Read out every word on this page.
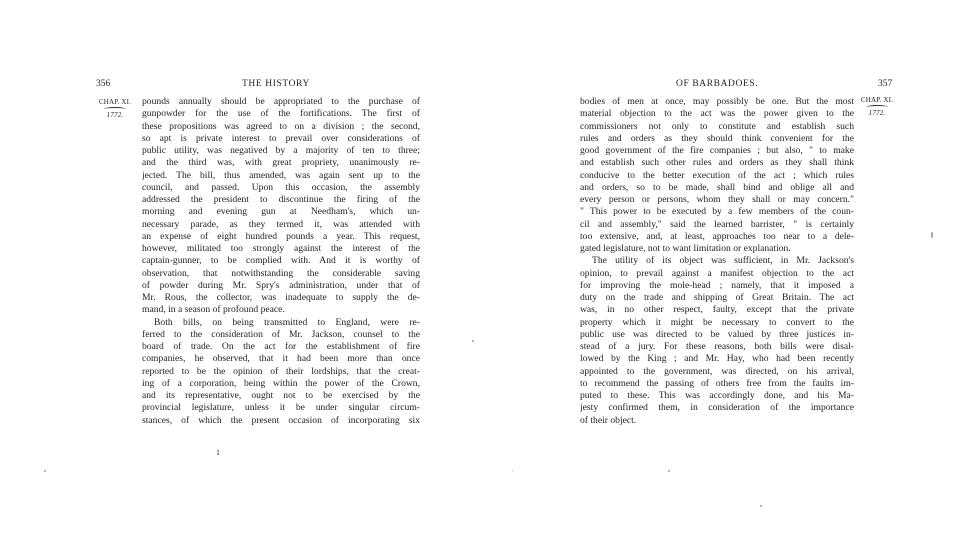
356	THE HISTORY
CHAP. XI.
1772.
pounds annually should be appropriated to the purchase of
gunpowder for the use of the fortifications. The first of
these propositions was agreed to on a division ; the second,
so apt is private interest to prevail over considerations of
public utility, was negatived by a majority of ten to three;
and the third was, with great propriety, unanimously re-
jected. The bill, thus amended, was again sent up to the
council, and passed. Upon this occasion, the assembly
addressed the president to discontinue the firing of the
morning and evening gun at Needham's, which un-
necessary parade, as they termed it, was attended with
an expense of eight hundred pounds a year. This request,
however, militated too strongly against the interest of the
captain-gunner, to be complied with. And it is worthy of
observation, that notwithstanding the considerable saving
of powder during Mr. Spry's administration, under that of
Mr. Rous, the collector, was inadequate to supply the de-
mand, in a season of profound peace.
Both bills, on being transmitted to England, were re-
ferred to the consideration of Mr. Jackson, counsel to the
board of trade. On the act for the establishment of fire
companies, he observed, that it had been more than once
reported to be the opinion of their lordships, that the creat-
ing of a corporation, being within the power of the Crown,
and its representative, ought not to be exercised by the
provincial legislature, unless it be under singular circum-
stances, of which the present occasion of incorporating six
1
OF BARBADOES.	357
CHAP. XI.
1772.
bodies of men at once, may possibly be one. But the most
material objection to the act was the power given to the
commissioners not only to constitute and establish such
rules and orders as they should think convenient for the
good government of the fire companies ; but also, " to make
and establish such other rules and orders as they shall think
conducive to the better execution of the act ; which rules
and orders, so to be made, shall bind and oblige all and
every person or persons, whom they shall or may concern."
" This power to be executed by a few members of the coun-
cil and assembly," said the learned barrister, " is certainly
too extensive, and, at least, approaches too near to a dele-
gated legislature, not to want limitation or explanation.
The utility of its object was sufficient, in Mr. Jackson's
opinion, to prevail against a manifest objection to the act
for improving the mole-head ; namely, that it imposed a
duty on the trade and shipping of Great Britain. The act
was, in no other respect, faulty, except that the private
property which it might be necessary to convert to the
public use was directed to be valued by three justices in-
stead of a jury. For these reasons, both bills were disal-
lowed by the King ; and Mr. Hay, who had been recently
appointed to the government, was directed, on his arrival,
to recommend the passing of others free from the faults im-
puted to these. This was accordingly done, and his Ma-
jesty confirmed them, in consideration of the importance
of their object.
